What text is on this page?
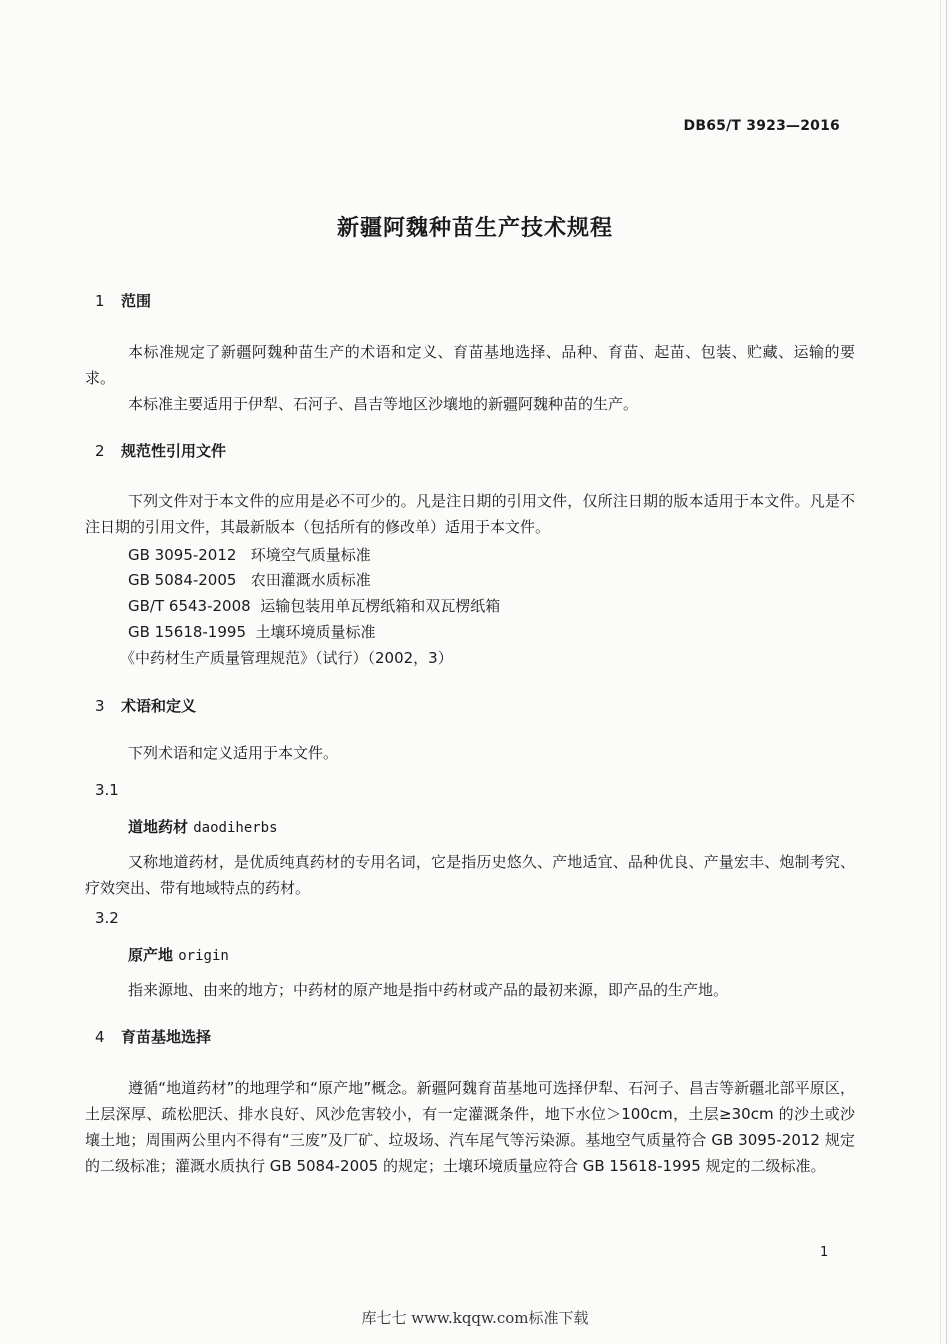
DB65/T 3923—2016
新疆阿魏种苗生产技术规程
1 范围
本标准规定了新疆阿魏种苗生产的术语和定义、育苗基地选择、品种、育苗、起苗、包装、贮藏、运输的要求。
本标准主要适用于伊犁、石河子、昌吉等地区沙壤地的新疆阿魏种苗的生产。
2 规范性引用文件
下列文件对于本文件的应用是必不可少的。凡是注日期的引用文件，仅所注日期的版本适用于本文件。凡是不注日期的引用文件，其最新版本（包括所有的修改单）适用于本文件。
GB 3095-2012   环境空气质量标准
GB 5084-2005   农田灌溉水质标准
GB/T 6543-2008  运输包装用单瓦楞纸箱和双瓦楞纸箱
GB 15618-1995  土壤环境质量标准
《中药材生产质量管理规范》（试行）（2002，3）
3 术语和定义
下列术语和定义适用于本文件。
3.1
道地药材 daodiherbs
又称地道药材，是优质纯真药材的专用名词，它是指历史悠久、产地适宜、品种优良、产量宏丰、炮制考究、疗效突出、带有地域特点的药材。
3.2
原产地 origin
指来源地、由来的地方；中药材的原产地是指中药材或产品的最初来源，即产品的生产地。
4 育苗基地选择
遵循“地道药材”的地理学和“原产地”概念。新疆阿魏育苗基地可选择伊犁、石河子、昌吉等新疆北部平原区，土层深厚、疏松肥沃、排水良好、风沙危害较小，有一定灌溉条件，地下水位＞100cm，土层≥30cm 的沙土或沙壤土地；周围两公里内不得有“三废”及厂矿、垃圾场、汽车尾气等污染源。基地空气质量符合 GB 3095-2012 规定的二级标准；灌溉水质执行 GB 5084-2005 的规定；土壤环境质量应符合 GB 15618-1995 规定的二级标准。
1
库七七 www.kqqw.com标准下载
